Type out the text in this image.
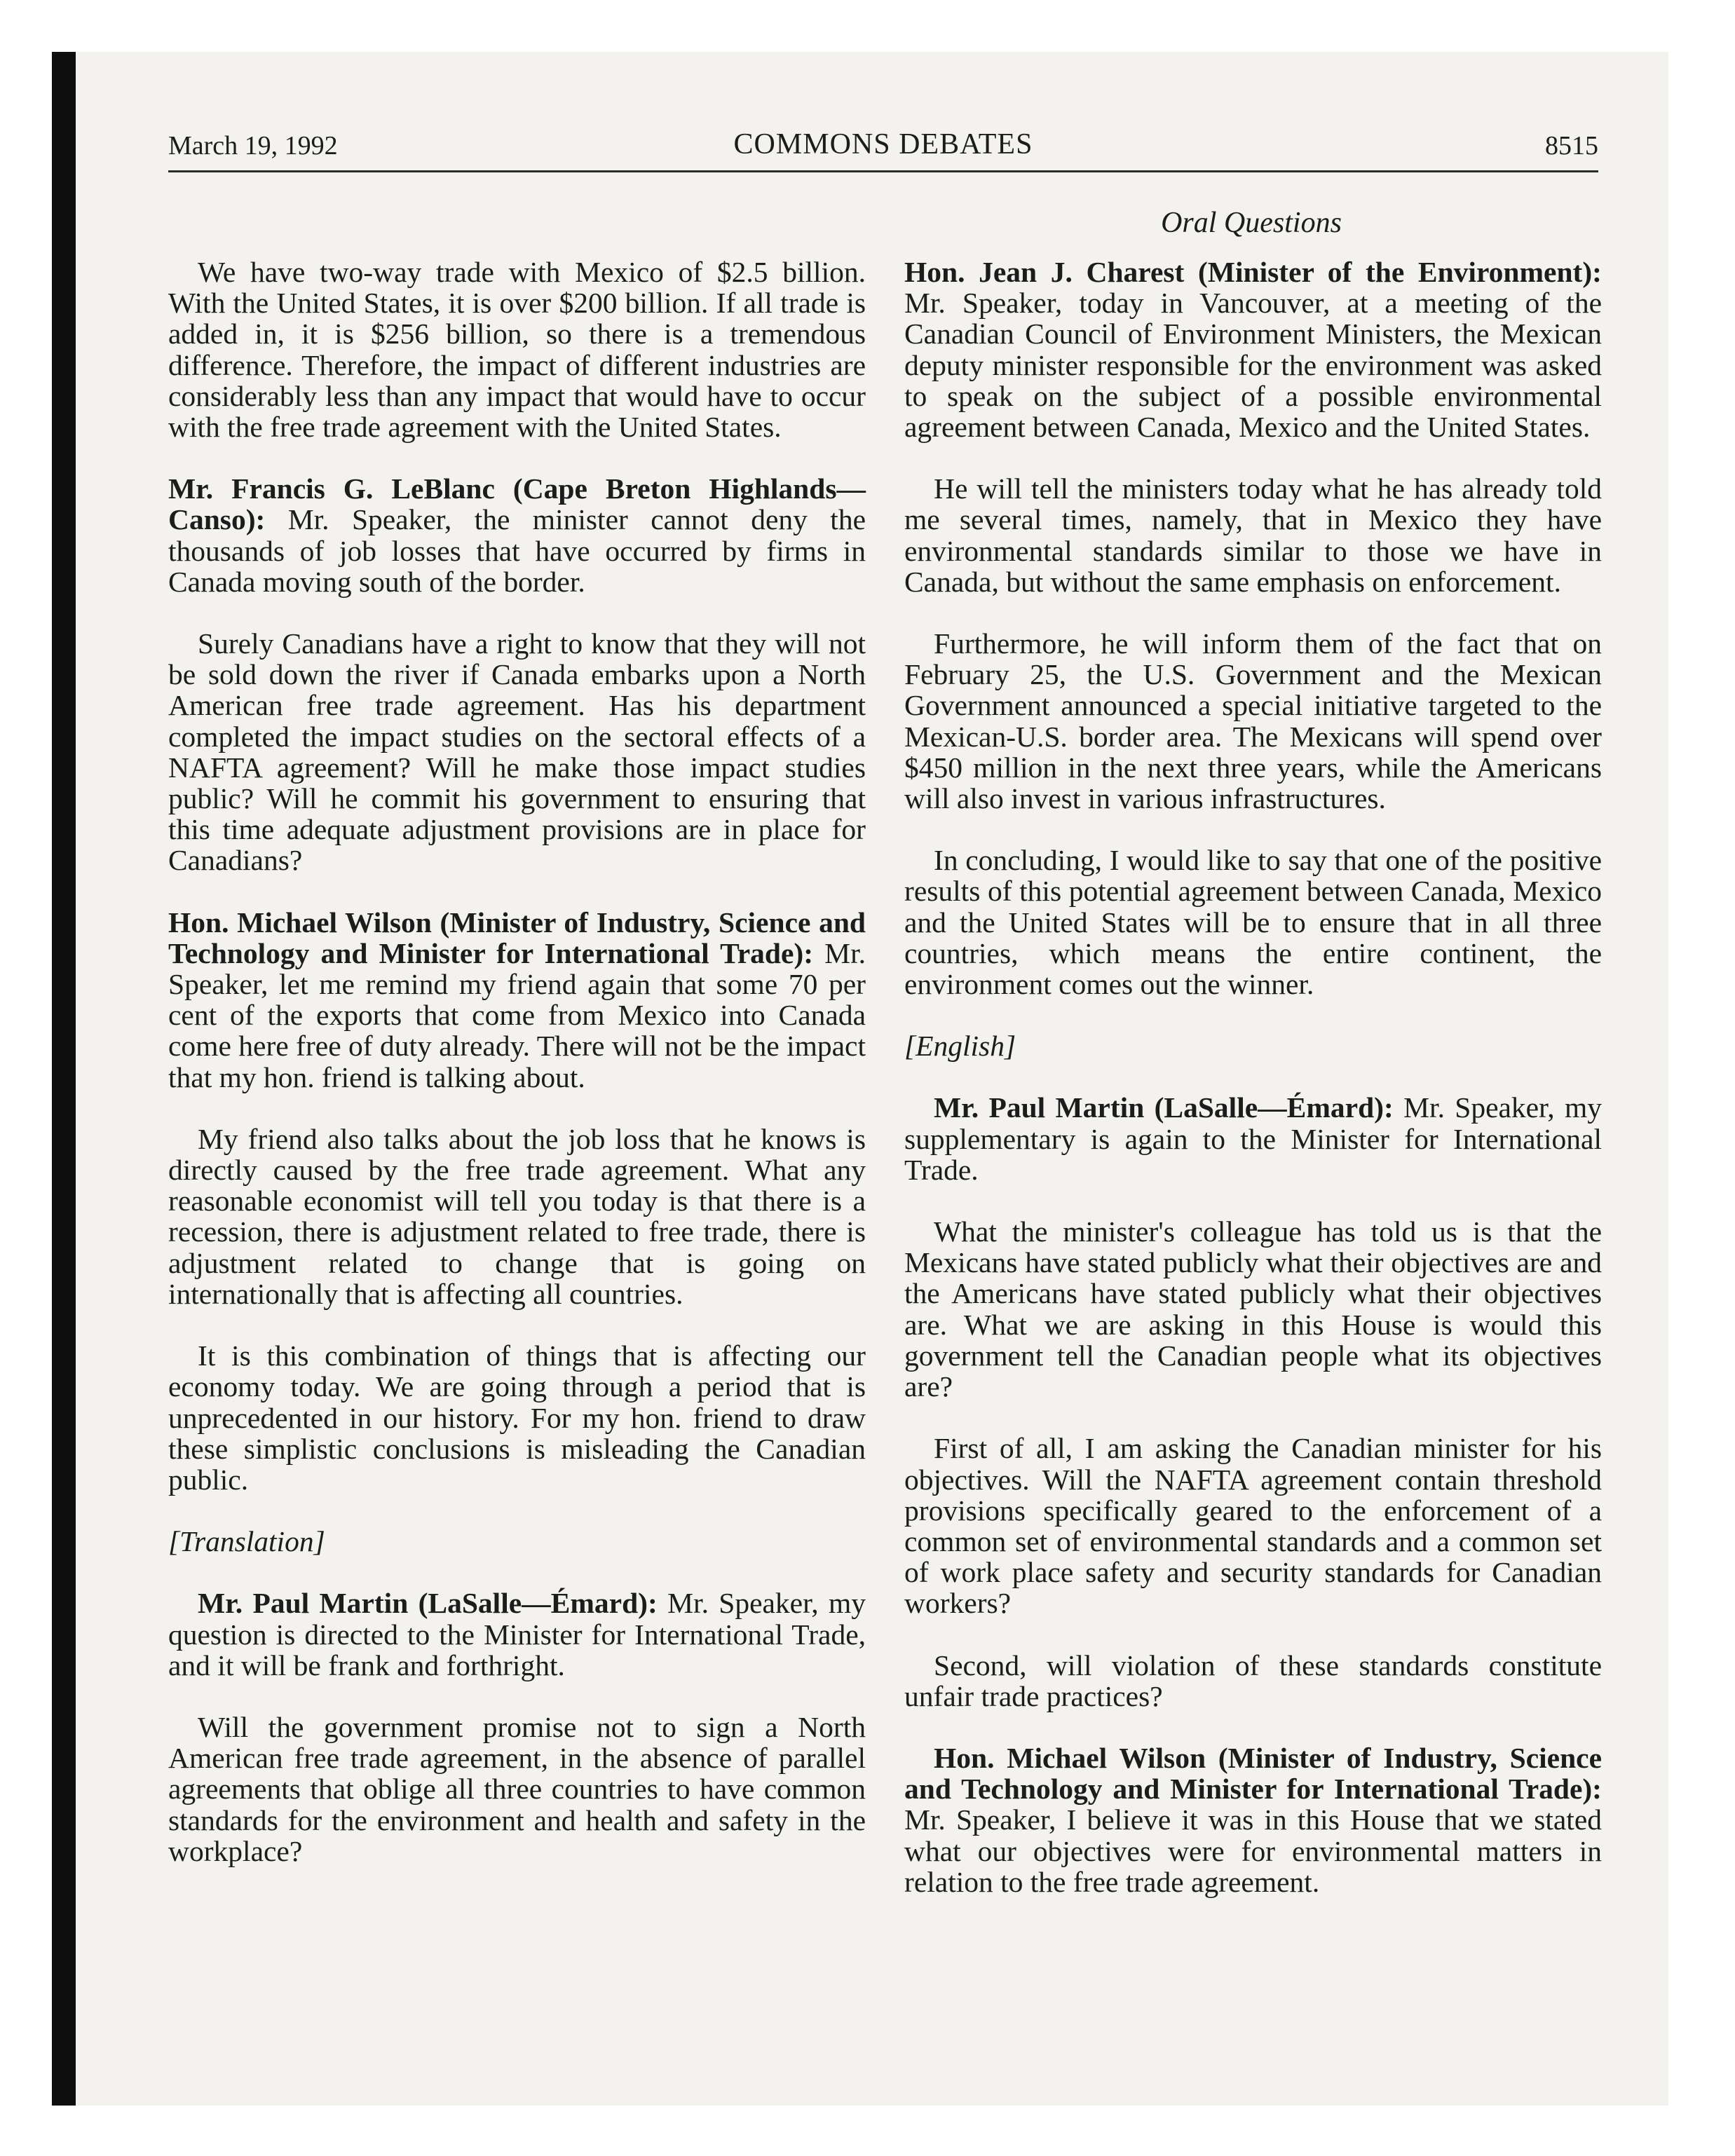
March 19, 1992	COMMONS DEBATES	8515
Oral Questions

We have two-way trade with Mexico of $2.5 billion. With the United States, it is over $200 billion. If all trade is added in, it is $256 billion, so there is a tremendous difference. Therefore, the impact of different industries are considerably less than any impact that would have to occur with the free trade agreement with the United States.

Mr. Francis G. LeBlanc (Cape Breton Highlands—Canso): Mr. Speaker, the minister cannot deny the thousands of job losses that have occurred by firms in Canada moving south of the border.

Surely Canadians have a right to know that they will not be sold down the river if Canada embarks upon a North American free trade agreement. Has his department completed the impact studies on the sectoral effects of a NAFTA agreement? Will he make those impact studies public? Will he commit his government to ensuring that this time adequate adjustment provisions are in place for Canadians?

Hon. Michael Wilson (Minister of Industry, Science and Technology and Minister for International Trade): Mr. Speaker, let me remind my friend again that some 70 per cent of the exports that come from Mexico into Canada come here free of duty already. There will not be the impact that my hon. friend is talking about.

My friend also talks about the job loss that he knows is directly caused by the free trade agreement. What any reasonable economist will tell you today is that there is a recession, there is adjustment related to free trade, there is adjustment related to change that is going on internationally that is affecting all countries.

It is this combination of things that is affecting our economy today. We are going through a period that is unprecedented in our history. For my hon. friend to draw these simplistic conclusions is misleading the Canadian public.

[Translation]

Mr. Paul Martin (LaSalle—Émard): Mr. Speaker, my question is directed to the Minister for International Trade, and it will be frank and forthright.

Will the government promise not to sign a North American free trade agreement, in the absence of parallel agreements that oblige all three countries to have common standards for the environment and health and safety in the workplace?

Hon. Jean J. Charest (Minister of the Environment): Mr. Speaker, today in Vancouver, at a meeting of the Canadian Council of Environment Ministers, the Mexican deputy minister responsible for the environment was asked to speak on the subject of a possible environmental agreement between Canada, Mexico and the United States.

He will tell the ministers today what he has already told me several times, namely, that in Mexico they have environmental standards similar to those we have in Canada, but without the same emphasis on enforcement.

Furthermore, he will inform them of the fact that on February 25, the U.S. Government and the Mexican Government announced a special initiative targeted to the Mexican-U.S. border area. The Mexicans will spend over $450 million in the next three years, while the Americans will also invest in various infrastructures.

In concluding, I would like to say that one of the positive results of this potential agreement between Canada, Mexico and the United States will be to ensure that in all three countries, which means the entire continent, the environment comes out the winner.

[English]

Mr. Paul Martin (LaSalle—Émard): Mr. Speaker, my supplementary is again to the Minister for International Trade.

What the minister's colleague has told us is that the Mexicans have stated publicly what their objectives are and the Americans have stated publicly what their objectives are. What we are asking in this House is would this government tell the Canadian people what its objectives are?

First of all, I am asking the Canadian minister for his objectives. Will the NAFTA agreement contain threshold provisions specifically geared to the enforcement of a common set of environmental standards and a common set of work place safety and security standards for Canadian workers?

Second, will violation of these standards constitute unfair trade practices?

Hon. Michael Wilson (Minister of Industry, Science and Technology and Minister for International Trade): Mr. Speaker, I believe it was in this House that we stated what our objectives were for environmental matters in relation to the free trade agreement.
